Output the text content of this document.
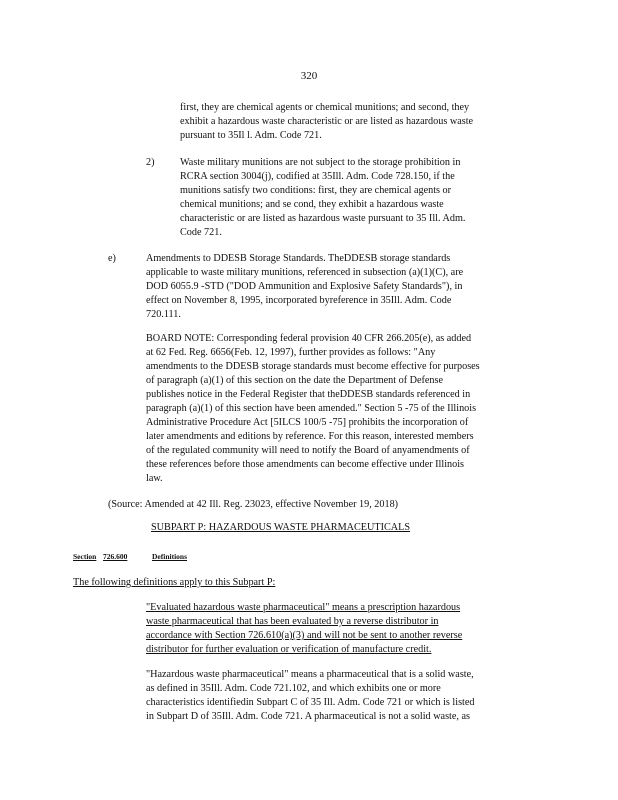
320
first, they are chemical agents or chemical munitions; and second, they
exhibit a hazardous waste characteristic or are listed as hazardous waste
pursuant to 35Il l. Adm. Code 721.
2)	Waste military munitions are not subject to the storage prohibition in
RCRA section 3004(j), codified at 35Ill. Adm. Code 728.150, if the
munitions satisfy two conditions: first, they are chemical agents or
chemical munitions; and se cond, they exhibit a hazardous waste
characteristic or are listed as hazardous waste pursuant to 35 Ill. Adm.
Code 721.
e)	Amendments to DDESB Storage Standards. TheDDESB storage standards
applicable to waste military munitions, referenced in subsection (a)(1)(C), are
DOD 6055.9 -STD ("DOD Ammunition and Explosive Safety Standards"), in
effect on November 8, 1995, incorporated byreference in 35Ill. Adm. Code
720.111.
BOARD NOTE: Corresponding federal provision 40 CFR 266.205(e), as added
at 62 Fed. Reg. 6656(Feb. 12, 1997), further provides as follows: "Any
amendments to the DDESB storage standards must become effective for purposes
of paragraph (a)(1) of this section on the date the Department of Defense
publishes notice in the Federal Register that theDDESB standards referenced in
paragraph (a)(1) of this section have been amended." Section 5 -75 of the Illinois
Administrative Procedure Act [5ILCS 100/5 -75] prohibits the incorporation of
later amendments and editions by reference. For this reason, interested members
of the regulated community will need to notify the Board of anyamendments of
these references before those amendments can become effective under Illinois
law.
(Source: Amended at 42 Ill. Reg. 23023, effective November 19, 2018)
SUBPART P: HAZARDOUS WASTE PHARMACEUTICALS
Section 726.600	Definitions
The following definitions apply to this Subpart P:
"Evaluated hazardous waste pharmaceutical" means a prescription hazardous
waste pharmaceutical that has been evaluated by a reverse distributor in
accordance with Section 726.610(a)(3) and will not be sent to another reverse
distributor for further evaluation or verification of manufacture credit.
"Hazardous waste pharmaceutical" means a pharmaceutical that is a solid waste,
as defined in 35Ill. Adm. Code 721.102, and which exhibits one or more
characteristics identifiedin Subpart C of 35 Ill. Adm. Code 721 or which is listed
in Subpart D of 35Ill. Adm. Code 721. A pharmaceutical is not a solid waste, as
